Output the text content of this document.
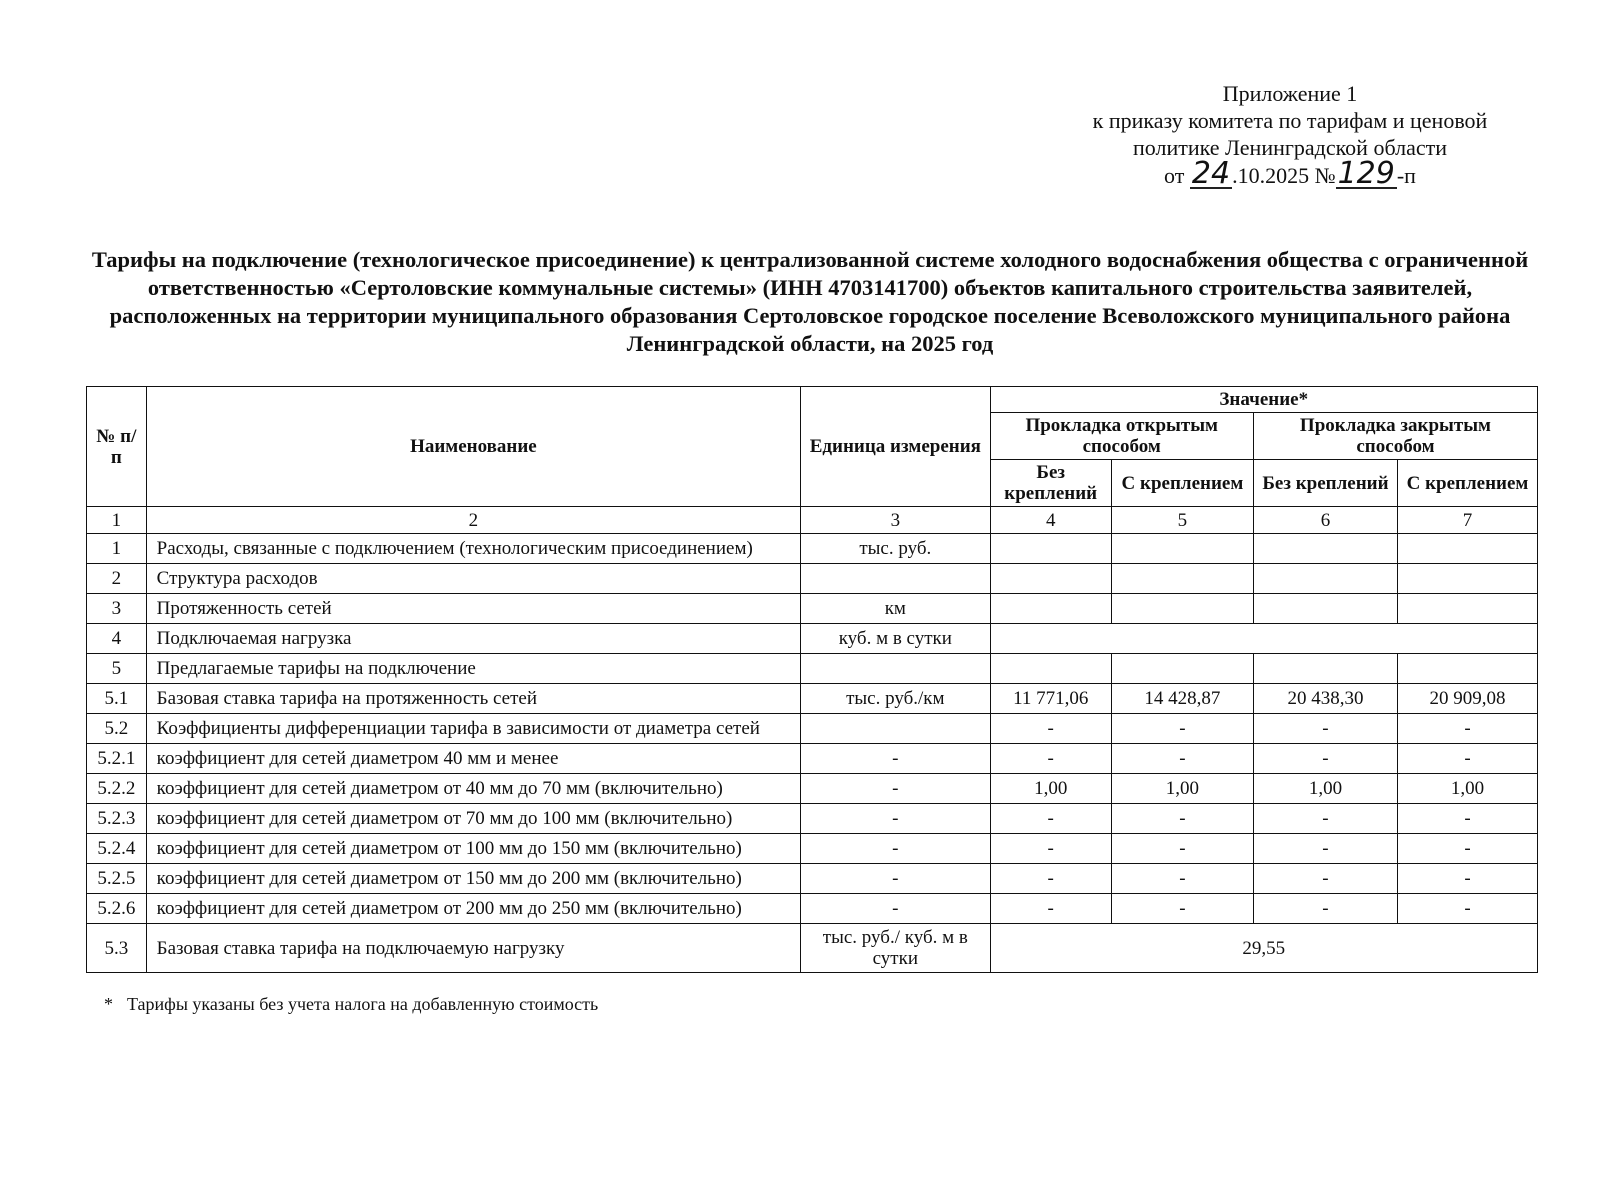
Приложение 1
к приказу комитета по тарифам и ценовой
политике Ленинградской области
от 24.10.2025 №129-п
Тарифы на подключение (технологическое присоединение) к централизованной системе холодного водоснабжения общества с ограниченной ответственностью «Сертоловские коммунальные системы» (ИНН 4703141700) объектов капитального строительства заявителей, расположенных на территории муниципального образования Сертоловское городское поселение Всеволожского муниципального района Ленинградской области, на 2025 год
№ п/п	Наименование	Единица измерения	Значение*			
			Прокладка открытым способом		Прокладка закрытым способом	
			Без креплений	С креплением	Без креплений	С креплением
1	2	3	4	5	6	7
1	Расходы, связанные с подключением (технологическим присоединением)	тыс. руб.				
2	Структура расходов					
3	Протяженность сетей	км				
4	Подключаемая нагрузка	куб. м в сутки				
5	Предлагаемые тарифы на подключение					
5.1	Базовая ставка тарифа на протяженность сетей	тыс. руб./км	11 771,06	14 428,87	20 438,30	20 909,08
5.2	Коэффициенты дифференциации тарифа в зависимости от диаметра сетей		-	-	-	-
5.2.1	коэффициент для сетей диаметром 40 мм и менее	-	-	-	-	-
5.2.2	коэффициент для сетей диаметром от 40 мм до 70 мм (включительно)	-	1,00	1,00	1,00	1,00
5.2.3	коэффициент для сетей диаметром от 70 мм до 100 мм (включительно)	-	-	-	-	-
5.2.4	коэффициент для сетей диаметром от 100 мм до 150 мм (включительно)	-	-	-	-	-
5.2.5	коэффициент для сетей диаметром от 150 мм до 200 мм (включительно)	-	-	-	-	-
5.2.6	коэффициент для сетей диаметром от 200 мм до 250 мм (включительно)	-	-	-	-	-
5.3	Базовая ставка тарифа на подключаемую нагрузку	тыс. руб./ куб. м в сутки	29,55			
* Тарифы указаны без учета налога на добавленную стоимость
